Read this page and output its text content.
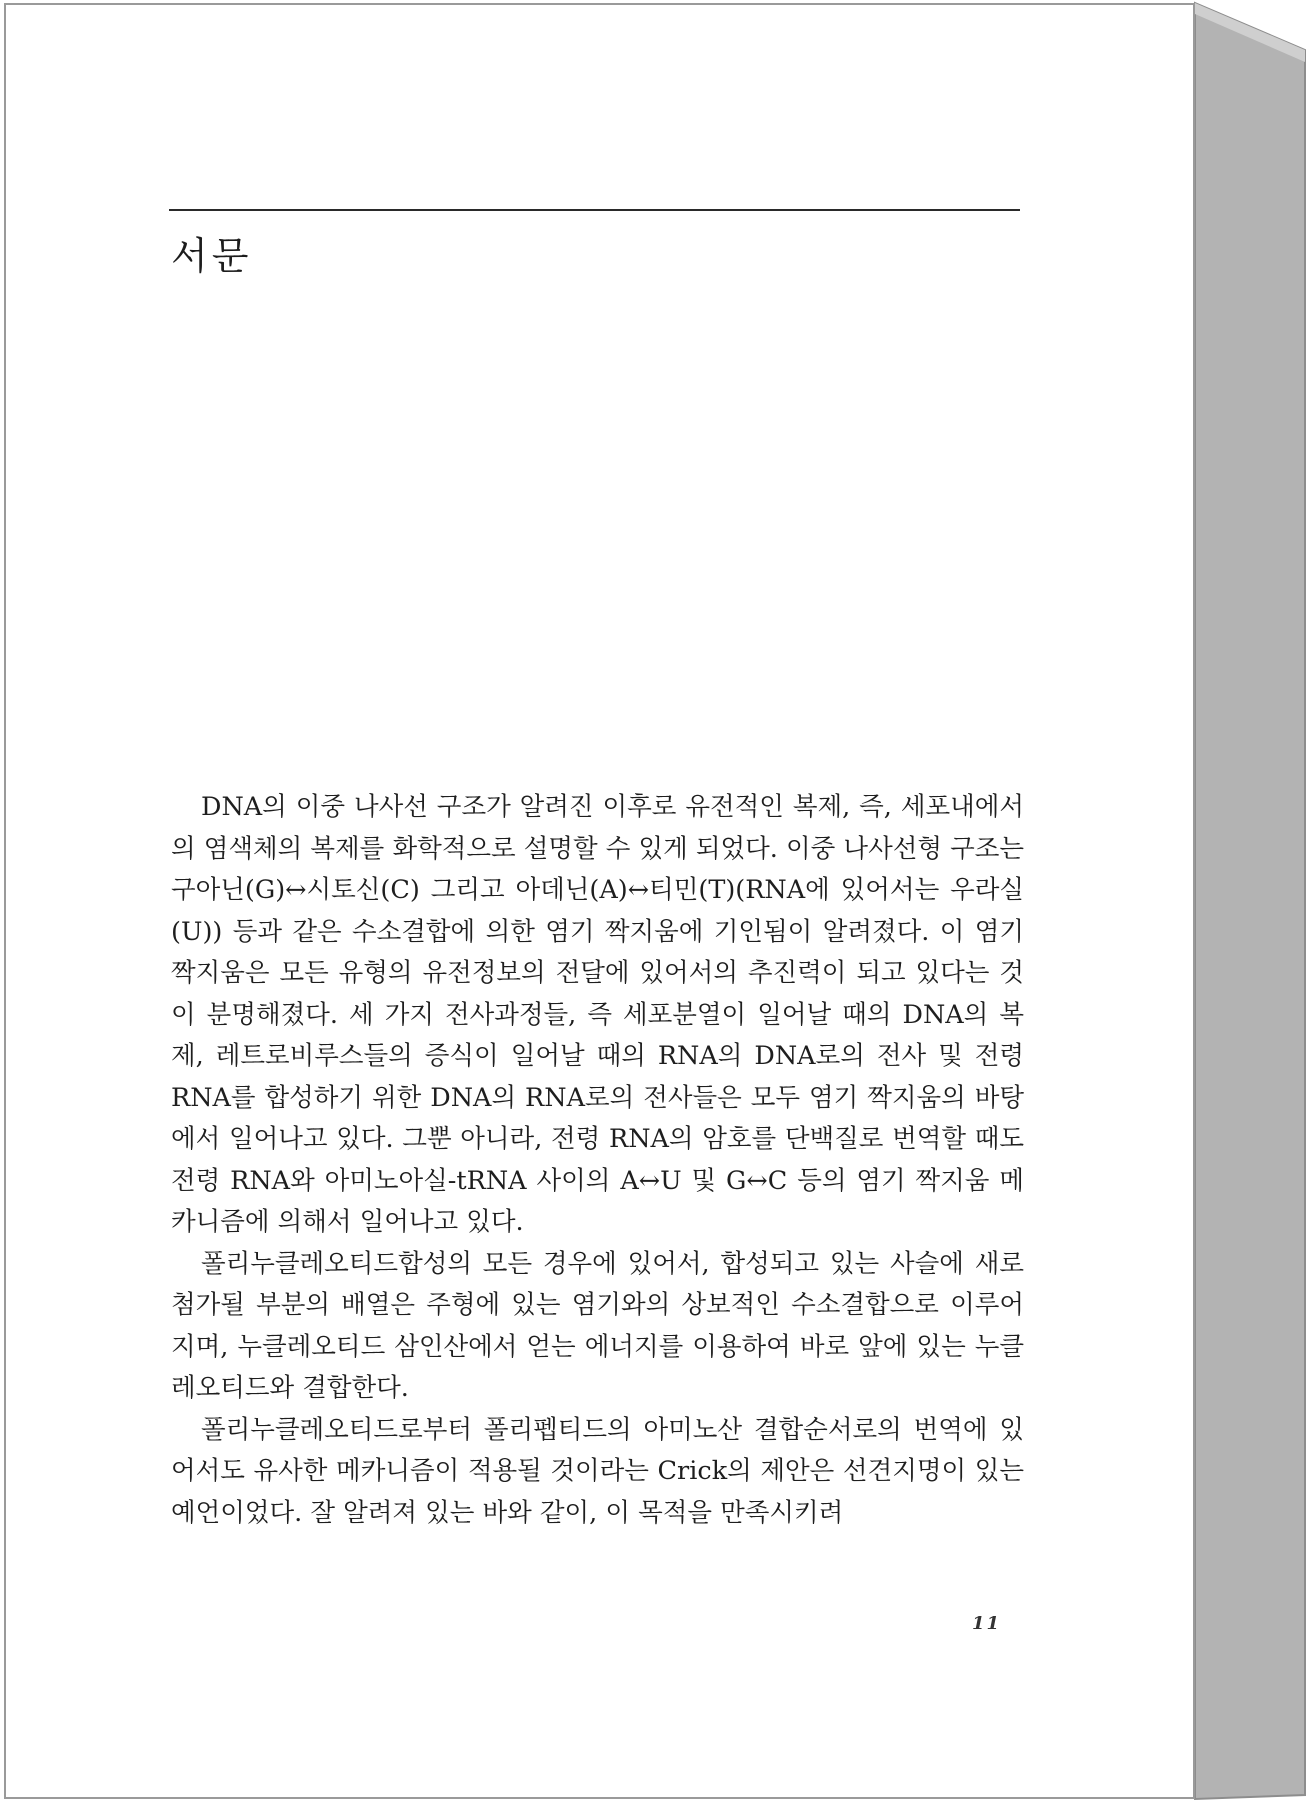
서문

DNA의 이중 나사선 구조가 알려진 이후로 유전적인 복제, 즉, 세포내에서의 염색체의 복제를 화학적으로 설명할 수 있게 되었다. 이중 나사선형 구조는 구아닌(G)↔시토신(C) 그리고 아데닌(A)↔티민(T)(RNA에 있어서는 우라실(U)) 등과 같은 수소결합에 의한 염기 짝지움에 기인됨이 알려졌다. 이 염기 짝지움은 모든 유형의 유전정보의 전달에 있어서의 추진력이 되고 있다는 것이 분명해졌다. 세 가지 전사과정들, 즉 세포분열이 일어날 때의 DNA의 복제, 레트로비루스들의 증식이 일어날 때의 RNA의 DNA로의 전사 및 전령 RNA를 합성하기 위한 DNA의 RNA로의 전사들은 모두 염기 짝지움의 바탕에서 일어나고 있다. 그뿐 아니라, 전령 RNA의 암호를 단백질로 번역할 때도 전령 RNA와 아미노아실-tRNA 사이의 A↔U 및 G↔C 등의 염기 짝지움 메카니즘에 의해서 일어나고 있다.

폴리누클레오티드합성의 모든 경우에 있어서, 합성되고 있는 사슬에 새로 첨가될 부분의 배열은 주형에 있는 염기와의 상보적인 수소결합으로 이루어지며, 누클레오티드 삼인산에서 얻는 에너지를 이용하여 바로 앞에 있는 누클레오티드와 결합한다.

폴리누클레오티드로부터 폴리펩티드의 아미노산 결합순서로의 번역에 있어서도 유사한 메카니즘이 적용될 것이라는 Crick의 제안은 선견지명이 있는 예언이었다. 잘 알려져 있는 바와 같이, 이 목적을 만족시키려

11
